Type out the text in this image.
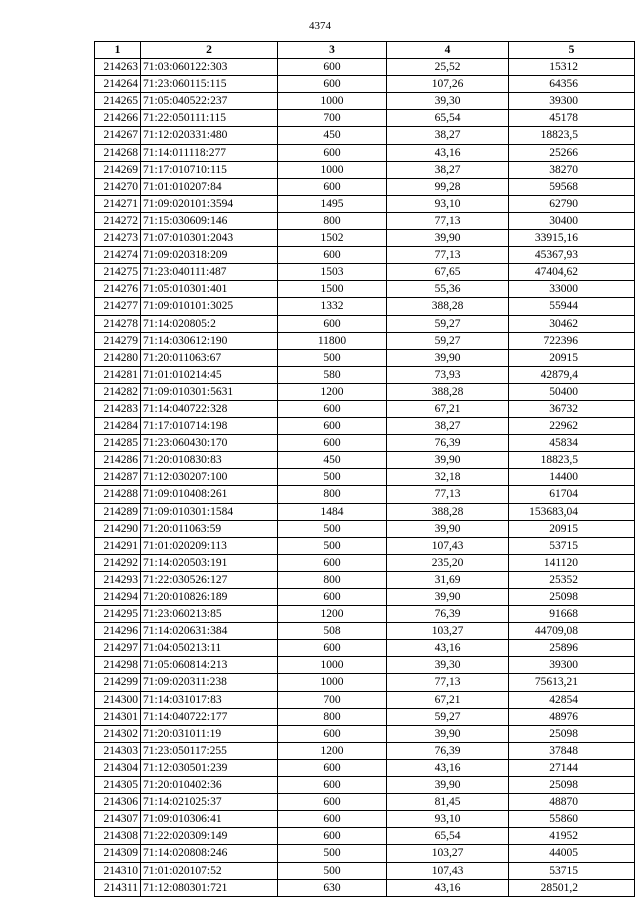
4374
1	2	3	4	5
214263	71:03:060122:303	600	25,52	15312
214264	71:23:060115:115	600	107,26	64356
214265	71:05:040522:237	1000	39,30	39300
214266	71:22:050111:115	700	65,54	45178
214267	71:12:020331:480	450	38,27	18823,5
214268	71:14:011118:277	600	43,16	25266
214269	71:17:010710:115	1000	38,27	38270
214270	71:01:010207:84	600	99,28	59568
214271	71:09:020101:3594	1495	93,10	62790
214272	71:15:030609:146	800	77,13	30400
214273	71:07:010301:2043	1502	39,90	33915,16
214274	71:09:020318:209	600	77,13	45367,93
214275	71:23:040111:487	1503	67,65	47404,62
214276	71:05:010301:401	1500	55,36	33000
214277	71:09:010101:3025	1332	388,28	55944
214278	71:14:020805:2	600	59,27	30462
214279	71:14:030612:190	11800	59,27	722396
214280	71:20:011063:67	500	39,90	20915
214281	71:01:010214:45	580	73,93	42879,4
214282	71:09:010301:5631	1200	388,28	50400
214283	71:14:040722:328	600	67,21	36732
214284	71:17:010714:198	600	38,27	22962
214285	71:23:060430:170	600	76,39	45834
214286	71:20:010830:83	450	39,90	18823,5
214287	71:12:030207:100	500	32,18	14400
214288	71:09:010408:261	800	77,13	61704
214289	71:09:010301:1584	1484	388,28	153683,04
214290	71:20:011063:59	500	39,90	20915
214291	71:01:020209:113	500	107,43	53715
214292	71:14:020503:191	600	235,20	141120
214293	71:22:030526:127	800	31,69	25352
214294	71:20:010826:189	600	39,90	25098
214295	71:23:060213:85	1200	76,39	91668
214296	71:14:020631:384	508	103,27	44709,08
214297	71:04:050213:11	600	43,16	25896
214298	71:05:060814:213	1000	39,30	39300
214299	71:09:020311:238	1000	77,13	75613,21
214300	71:14:031017:83	700	67,21	42854
214301	71:14:040722:177	800	59,27	48976
214302	71:20:031011:19	600	39,90	25098
214303	71:23:050117:255	1200	76,39	37848
214304	71:12:030501:239	600	43,16	27144
214305	71:20:010402:36	600	39,90	25098
214306	71:14:021025:37	600	81,45	48870
214307	71:09:010306:41	600	93,10	55860
214308	71:22:020309:149	600	65,54	41952
214309	71:14:020808:246	500	103,27	44005
214310	71:01:020107:52	500	107,43	53715
214311	71:12:080301:721	630	43,16	28501,2
